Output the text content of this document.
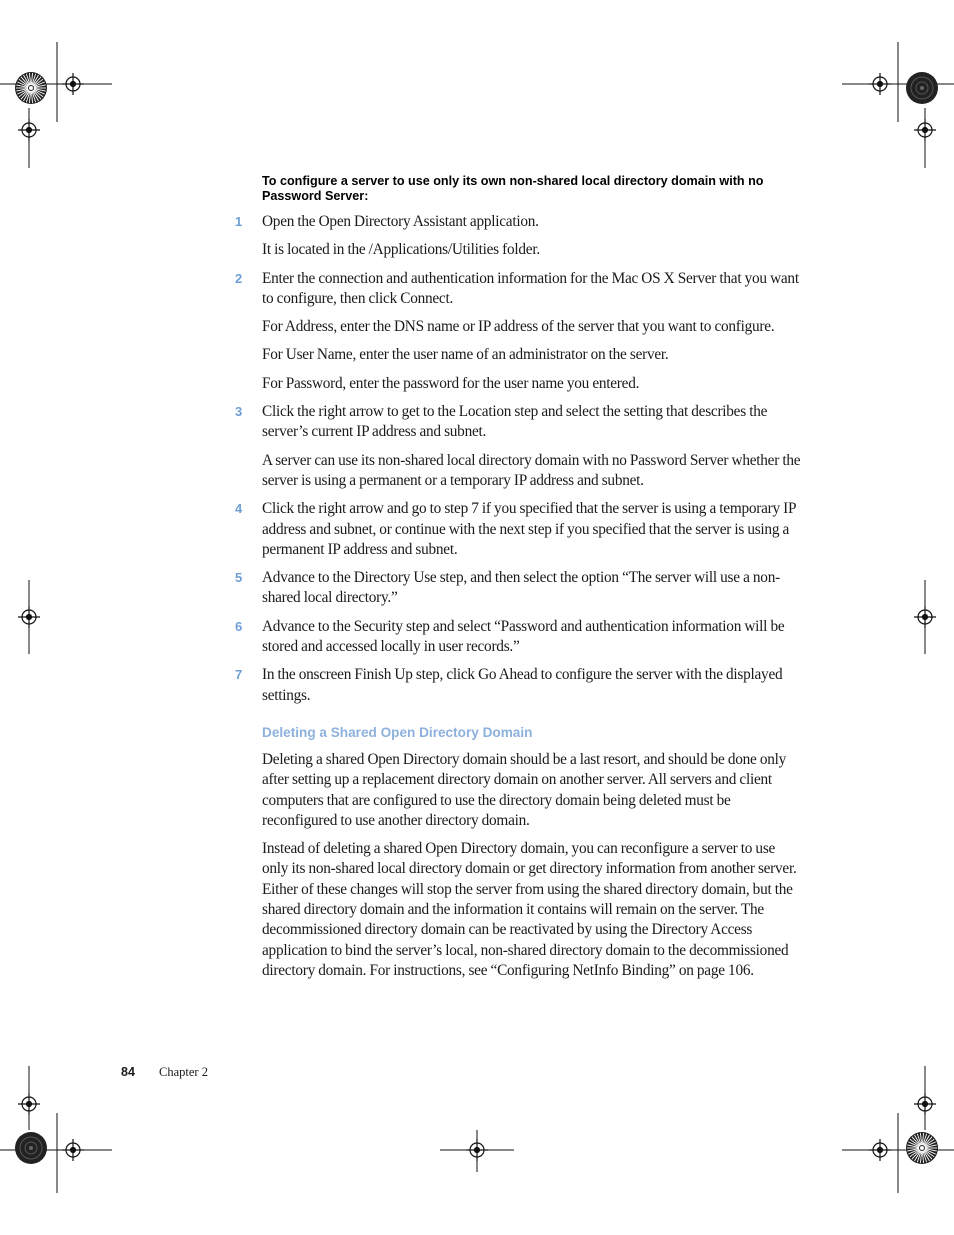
To configure a server to use only its own non-shared local directory domain with no Password Server:
1	Open the Open Directory Assistant application.
It is located in the /Applications/Utilities folder.
2	Enter the connection and authentication information for the Mac OS X Server that you want to configure, then click Connect.
For Address, enter the DNS name or IP address of the server that you want to configure.
For User Name, enter the user name of an administrator on the server.
For Password, enter the password for the user name you entered.
3	Click the right arrow to get to the Location step and select the setting that describes the server’s current IP address and subnet.
A server can use its non-shared local directory domain with no Password Server whether the server is using a permanent or a temporary IP address and subnet.
4	Click the right arrow and go to step 7 if you specified that the server is using a temporary IP address and subnet, or continue with the next step if you specified that the server is using a permanent IP address and subnet.
5	Advance to the Directory Use step, and then select the option “The server will use a non-shared local directory.”
6	Advance to the Security step and select “Password and authentication information will be stored and accessed locally in user records.”
7	In the onscreen Finish Up step, click Go Ahead to configure the server with the displayed settings.
Deleting a Shared Open Directory Domain
Deleting a shared Open Directory domain should be a last resort, and should be done only after setting up a replacement directory domain on another server. All servers and client computers that are configured to use the directory domain being deleted must be reconfigured to use another directory domain.
Instead of deleting a shared Open Directory domain, you can reconfigure a server to use only its non-shared local directory domain or get directory information from another server. Either of these changes will stop the server from using the shared directory domain, but the shared directory domain and the information it contains will remain on the server. The decommissioned directory domain can be reactivated by using the Directory Access application to bind the server’s local, non-shared directory domain to the decommissioned directory domain. For instructions, see “Configuring NetInfo Binding” on page 106.
84 Chapter 2
